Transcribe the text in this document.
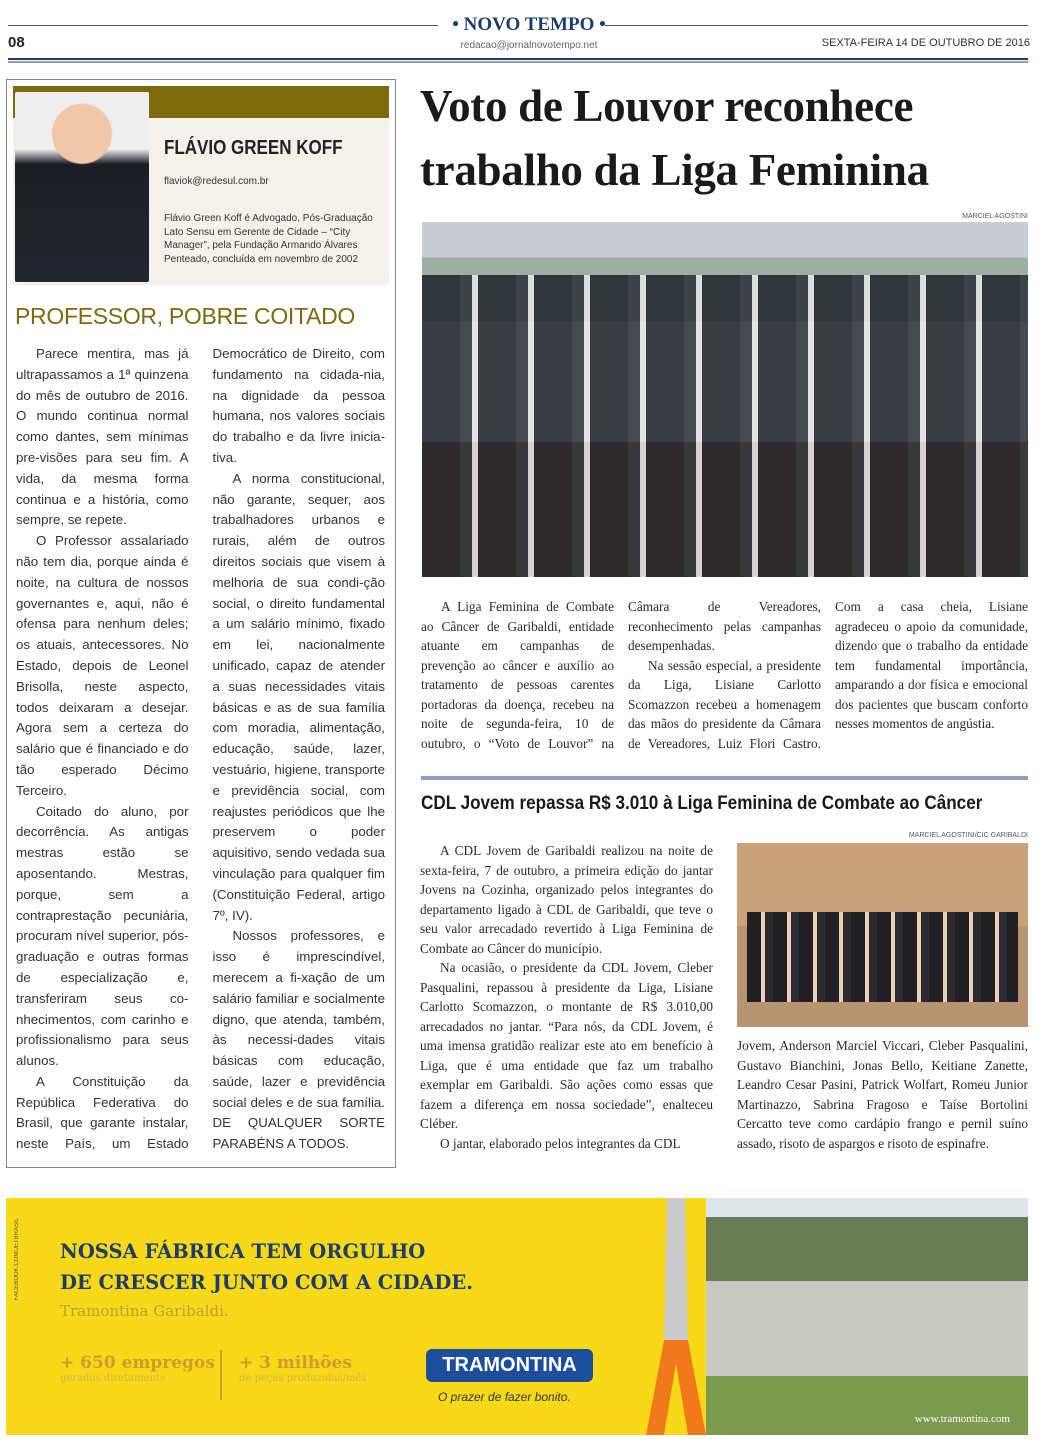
• NOVO TEMPO •
redacao@jornalnovotempo.net
08	SEXTA-FEIRA 14 DE OUTUBRO DE 2016
FLÁVIO GREEN KOFF
flaviok@redesul.com.br
Flávio Green Koff é Advogado, Pós-Graduação Lato Sensu em Gerente de Cidade – “City Manager”, pela Fundação Armando Álvares Penteado, concluída em novembro de 2002
PROFESSOR, POBRE COITADO

Parece mentira, mas já ultrapassamos a 1ª quinzena do mês de outubro de 2016. O mundo continua normal como dantes, sem mínimas pre-visões para seu fim. A vida, da mesma forma continua e a história, como sempre, se repete.

O Professor assalariado não tem dia, porque ainda é noite, na cultura de nossos governantes e, aqui, não é ofensa para nenhum deles; os atuais, antecessores. No Estado, depois de Leonel Brisolla, neste aspecto, todos deixaram a desejar. Agora sem a certeza do salário que é financiado e do tão esperado Décimo Terceiro.

Coitado do aluno, por decorrência. As antigas mestras estão se aposentando. Mestras, porque, sem a contraprestação pecuniária, procuram nível superior, pós-graduação e outras formas de especialização e, transferiram seus co-nhecimentos, com carinho e profissionalismo para seus alunos.

A Constituição da República Federativa do Brasil, que garante instalar, neste País, um Estado Democrático de Direito, com fundamento na cidada-nia, na dignidade da pessoa humana, nos valores sociais do trabalho e da livre inicia-tiva.

A norma constitucional, não garante, sequer, aos trabalhadores urbanos e rurais, além de outros direitos sociais que visem à melhoria de sua condi-ção social, o direito fundamental a um salário mínimo, fixado em lei, nacionalmente unificado, capaz de atender a suas necessidades vitais básicas e as de sua família com moradia, alimentação, educação, saúde, lazer, vestuário, higiene, transporte e previdência social, com reajustes periódicos que lhe preservem o poder aquisitivo, sendo vedada sua vinculação para qualquer fim (Constituição Federal, artigo 7º, IV).

Nossos professores, e isso é imprescindível, merecem a fi-xação de um salário familiar e socialmente digno, que atenda, também, às necessi-dades vitais básicas com educação, saúde, lazer e previdência social deles e de sua família. DE QUALQUER SORTE PARABÉNS A TODOS.

Voto de Louvor reconhece trabalho da Liga Feminina
MARCIEL AGOSTINI

A Liga Feminina de Combate ao Câncer de Garibaldi, entidade atuante em campanhas de prevenção ao câncer e auxílio ao tratamento de pessoas carentes portadoras da doença, recebeu na noite de segunda-feira, 10 de outubro, o “Voto de Louvor” na Câmara de Vereadores, reconhecimento pelas campanhas desempenhadas.

Na sessão especial, a presidente da Liga, Lisiane Carlotto Scomazzon recebeu a homenagem das mãos do presidente da Câmara de Vereadores, Luiz Flori Castro. Com a casa cheia, Lisiane agradeceu o apoio da comunidade, dizendo que o trabalho da entidade tem fundamental importância, amparando a dor física e emocional dos pacientes que buscam conforto nesses momentos de angústia.

CDL Jovem repassa R$ 3.010 à Liga Feminina de Combate ao Câncer
MARCIEL AGOSTINI/CIC GARIBALDI

A CDL Jovem de Garibaldi realizou na noite de sexta-feira, 7 de outubro, a primeira edição do jantar Jovens na Cozinha, organizado pelos integrantes do departamento ligado à CDL de Garibaldi, que teve o seu valor arrecadado revertido à Liga Feminina de Combate ao Câncer do município.

Na ocasião, o presidente da CDL Jovem, Cleber Pasqualini, repassou à presidente da Liga, Lisiane Carlotto Scomazzon, o montante de R$ 3.010,00 arrecadados no jantar. “Para nós, da CDL Jovem, é uma imensa gratidão realizar este ato em benefício à Liga, que é uma entidade que faz um trabalho exemplar em Garibaldi. São ações como essas que fazem a diferença em nossa sociedade”, enalteceu Cléber.

O jantar, elaborado pelos integrantes da CDL

Jovem, Anderson Marciel Viccari, Cleber Pasqualini, Gustavo Bianchini, Jonas Bello, Keitiane Zanette, Leandro Cesar Pasini, Patrick Wolfart, Romeu Junior Martinazzo, Sabrina Fragoso e Taíse Bortolini Cercatto teve como cardápio frango e pernil suíno assado, risoto de aspargos e risoto de espinafre.
FACEBOOK.COM/JETBRASIL NOSSA FÁBRICA TEM ORGULHO
DE CRESCER JUNTO COM A CIDADE.
Tramontina Garibaldi.
+ 650 empregos
gerados diretamente
+ 3 milhões
de peças produzidas/mês
TRAMONTINA
O prazer de fazer bonito.
www.tramontina.com
